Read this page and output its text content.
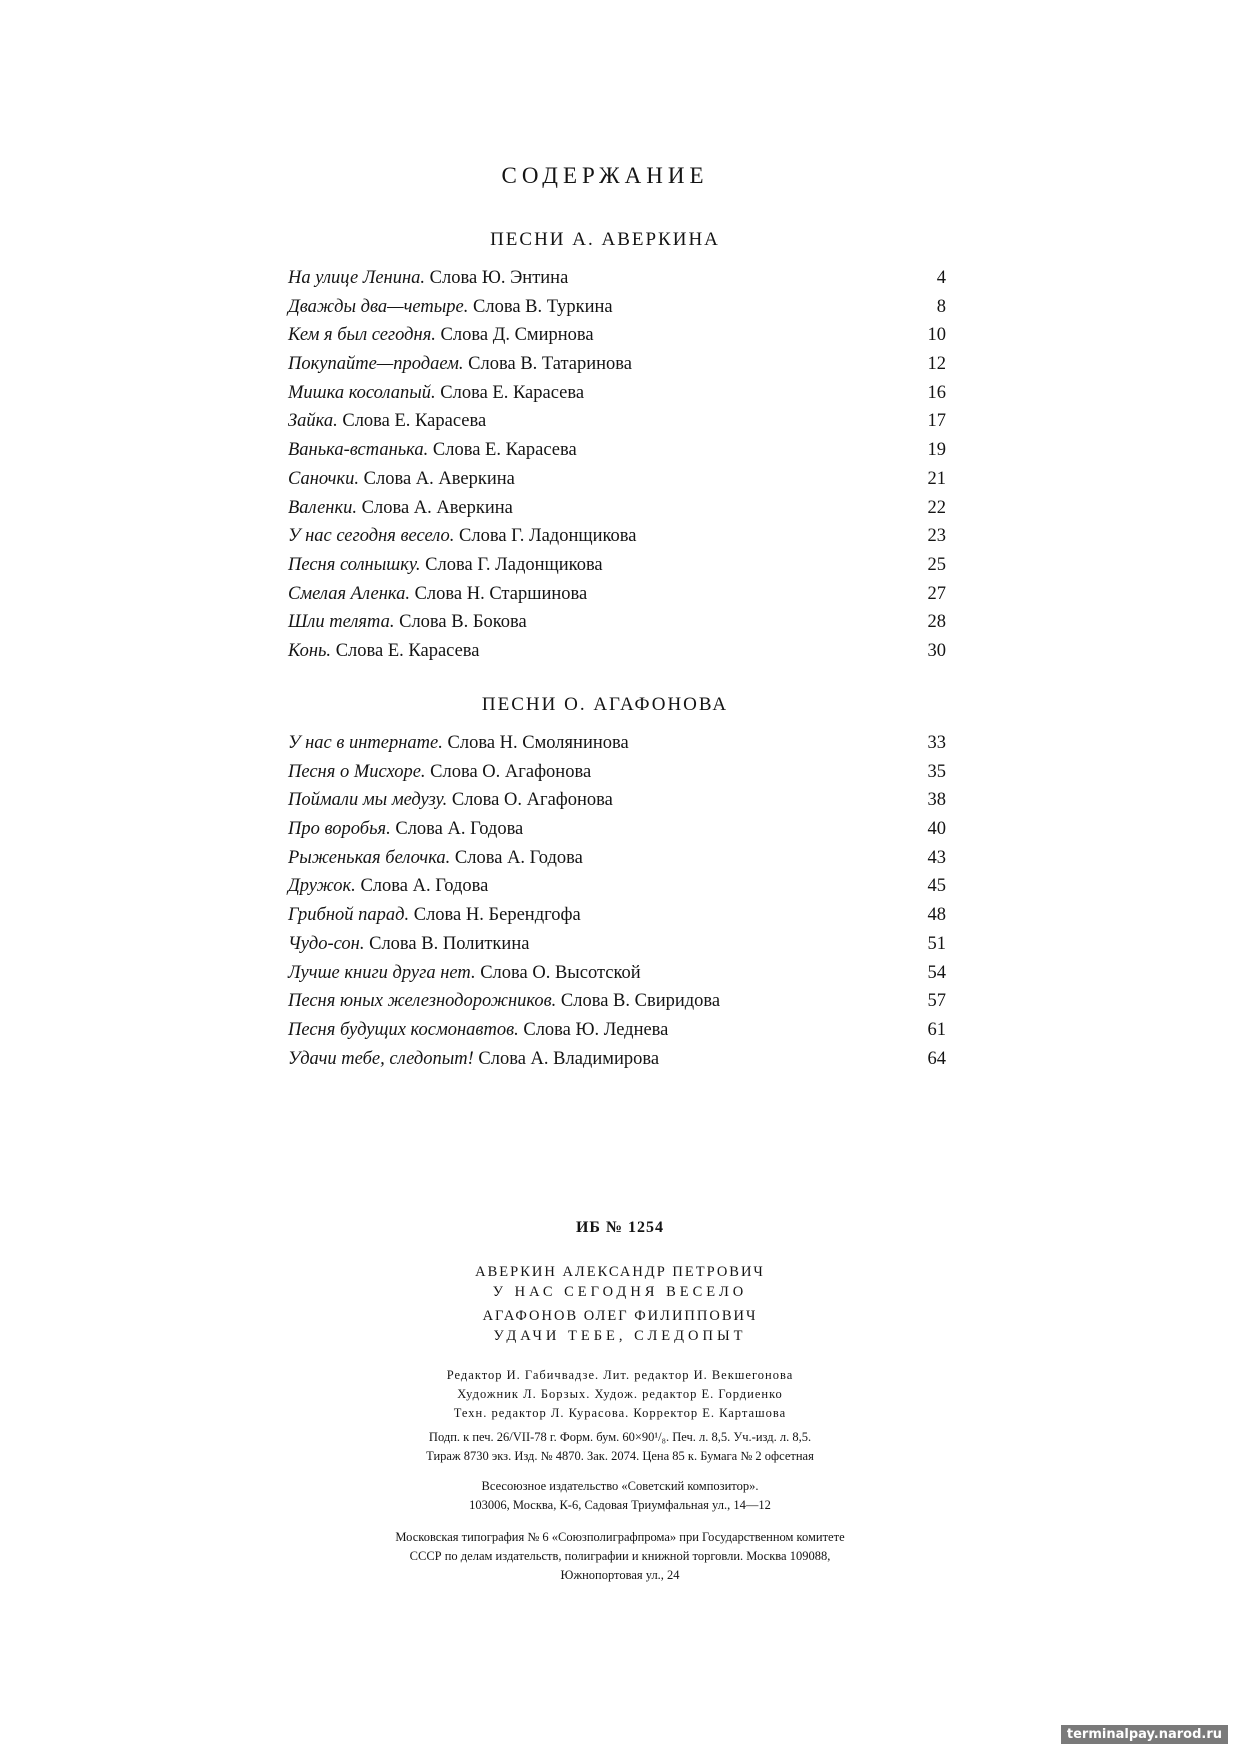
СОДЕРЖАНИЕ
ПЕСНИ А. АВЕРКИНА
На улице Ленина. Слова Ю. Энтина	4
Дважды два—четыре. Слова В. Туркина	8
Кем я был сегодня. Слова Д. Смирнова	10
Покупайте—продаем. Слова В. Татаринова	12
Мишка косолапый. Слова Е. Карасева	16
Зайка. Слова Е. Карасева	17
Ванька-встанька. Слова Е. Карасева	19
Саночки. Слова А. Аверкина	21
Валенки. Слова А. Аверкина	22
У нас сегодня весело. Слова Г. Ладонщикова	23
Песня солнышку. Слова Г. Ладонщикова	25
Смелая Аленка. Слова Н. Старшинова	27
Шли телята. Слова В. Бокова	28
Конь. Слова Е. Карасева	30
ПЕСНИ О. АГАФОНОВА
У нас в интернате. Слова Н. Смолянинова	33
Песня о Мисхоре. Слова О. Агафонова	35
Поймали мы медузу. Слова О. Агафонова	38
Про воробья. Слова А. Годова	40
Рыженькая белочка. Слова А. Годова	43
Дружок. Слова А. Годова	45
Грибной парад. Слова Н. Берендгофа	48
Чудо-сон. Слова В. Политкина	51
Лучше книги друга нет. Слова О. Высотской	54
Песня юных железнодорожников. Слова В. Свиридова	57
Песня будущих космонавтов. Слова Ю. Леднева	61
Удачи тебе, следопыт! Слова А. Владимирова	64
ИБ № 1254
АВЕРКИН АЛЕКСАНДР ПЕТРОВИЧ
У НАС СЕГОДНЯ ВЕСЕЛО
АГАФОНОВ ОЛЕГ ФИЛИППОВИЧ
УДАЧИ ТЕБЕ, СЛЕДОПЫТ
Редактор И. Габичвадзе. Лит. редактор И. Векшегонова
Художник Л. Борзых. Худож. редактор Е. Гордиенко
Техн. редактор Л. Курасова. Корректор Е. Карташова
Подп. к печ. 26/VII-78 г. Форм. бум. 60×90¹/₈. Печ. л. 8,5. Уч.-изд. л. 8,5.
Тираж 8730 экз. Изд. № 4870. Зак. 2074. Цена 85 к. Бумага № 2 офсетная
Всесоюзное издательство «Советский композитор».
103006, Москва, К-6, Садовая Триумфальная ул., 14—12
Московская типография № 6 «Союзполиграфпрома» при Государственном комитете
СССР по делам издательств, полиграфии и книжной торговли. Москва 109088,
Южнопортовая ул., 24
terminalpay.narod.ru
